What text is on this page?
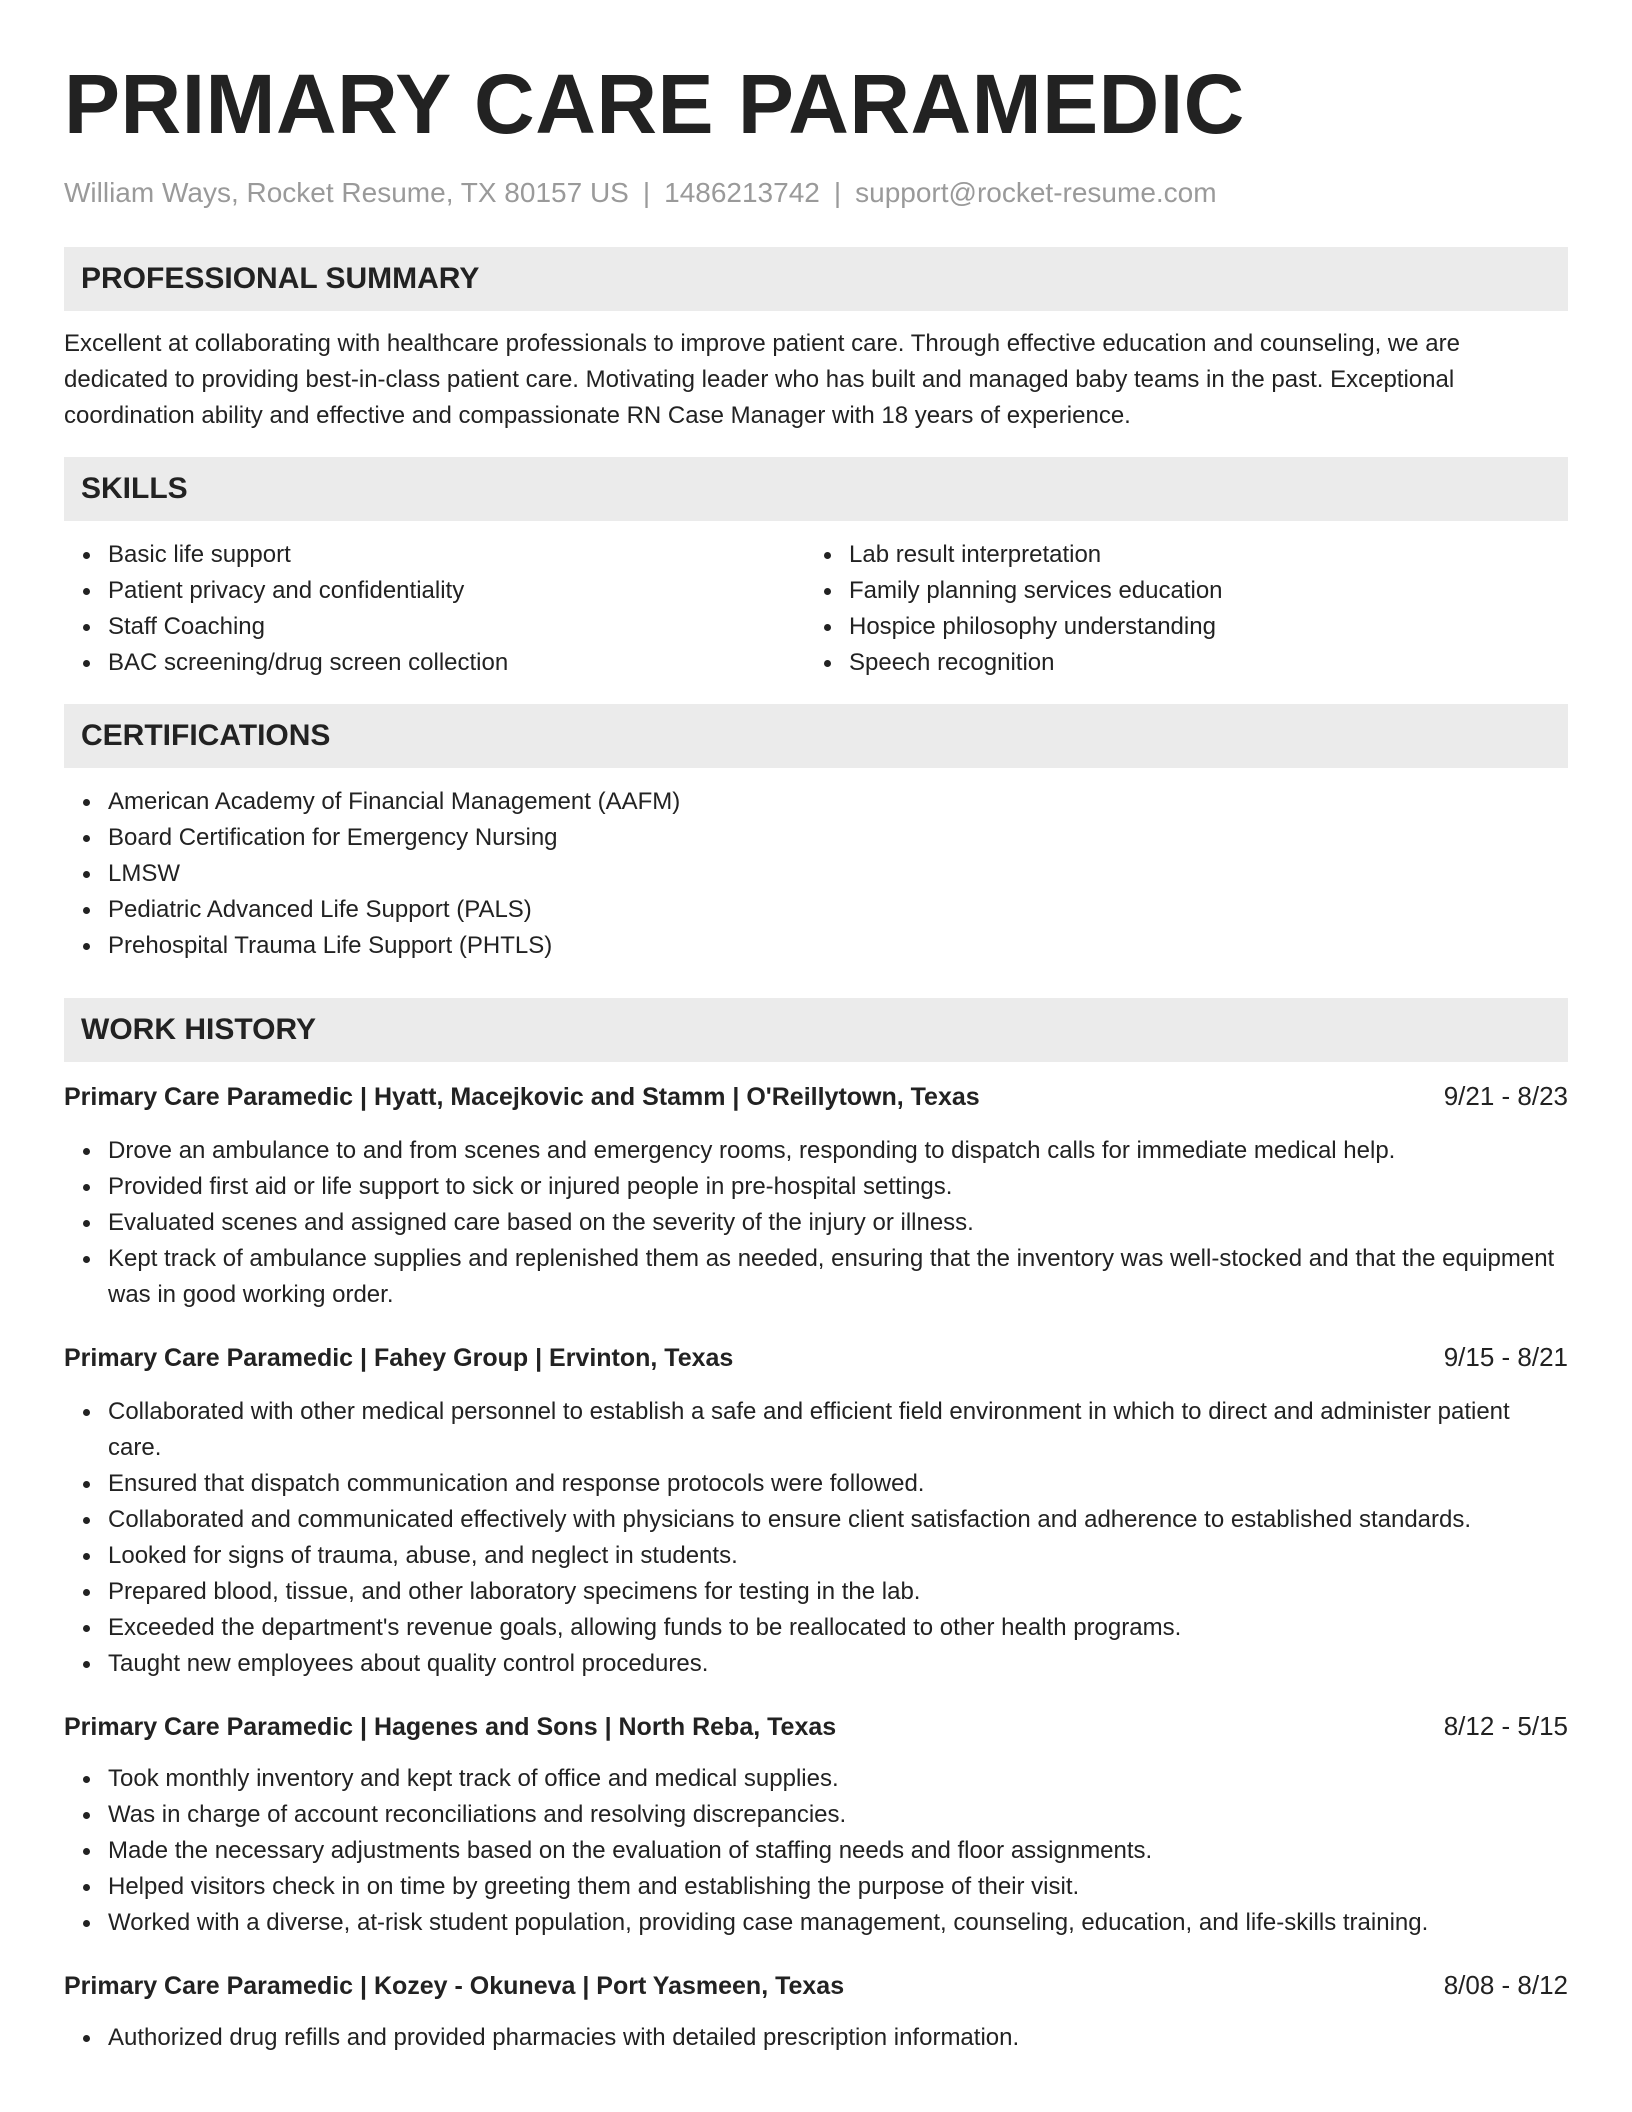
PRIMARY CARE PARAMEDIC
William Ways, Rocket Resume, TX 80157 US | 1486213742 | support@rocket-resume.com
PROFESSIONAL SUMMARY

Excellent at collaborating with healthcare professionals to improve patient care. Through effective education and counseling, we are dedicated to providing best-in-class patient care. Motivating leader who has built and managed baby teams in the past. Exceptional coordination ability and effective and compassionate RN Case Manager with 18 years of experience.

SKILLS
Basic life support
Patient privacy and confidentiality
Staff Coaching
BAC screening/drug screen collection
Lab result interpretation
Family planning services education
Hospice philosophy understanding
Speech recognition
CERTIFICATIONS
American Academy of Financial Management (AAFM)
Board Certification for Emergency Nursing
LMSW
Pediatric Advanced Life Support (PALS)
Prehospital Trauma Life Support (PHTLS)
WORK HISTORY
Primary Care Paramedic | Hyatt, Macejkovic and Stamm | O'Reillytown, Texas	9/21 - 8/23
Drove an ambulance to and from scenes and emergency rooms, responding to dispatch calls for immediate medical help.
Provided first aid or life support to sick or injured people in pre-hospital settings.
Evaluated scenes and assigned care based on the severity of the injury or illness.
Kept track of ambulance supplies and replenished them as needed, ensuring that the inventory was well-stocked and that the equipment was in good working order.
Primary Care Paramedic | Fahey Group | Ervinton, Texas	9/15 - 8/21
Collaborated with other medical personnel to establish a safe and efficient field environment in which to direct and administer patient care.
Ensured that dispatch communication and response protocols were followed.
Collaborated and communicated effectively with physicians to ensure client satisfaction and adherence to established standards.
Looked for signs of trauma, abuse, and neglect in students.
Prepared blood, tissue, and other laboratory specimens for testing in the lab.
Exceeded the department's revenue goals, allowing funds to be reallocated to other health programs.
Taught new employees about quality control procedures.
Primary Care Paramedic | Hagenes and Sons | North Reba, Texas	8/12 - 5/15
Took monthly inventory and kept track of office and medical supplies.
Was in charge of account reconciliations and resolving discrepancies.
Made the necessary adjustments based on the evaluation of staffing needs and floor assignments.
Helped visitors check in on time by greeting them and establishing the purpose of their visit.
Worked with a diverse, at-risk student population, providing case management, counseling, education, and life-skills training.
Primary Care Paramedic | Kozey - Okuneva | Port Yasmeen, Texas	8/08 - 8/12
Authorized drug refills and provided pharmacies with detailed prescription information.
